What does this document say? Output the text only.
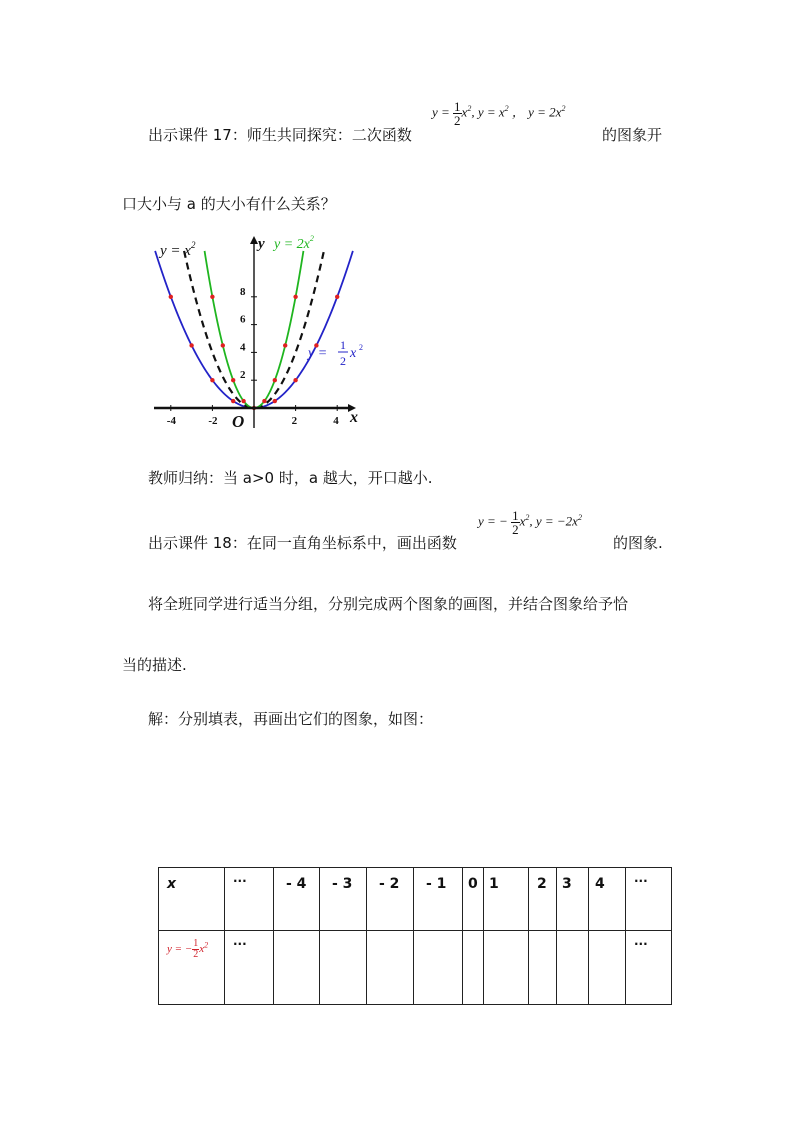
出示课件 17：师生共同探究：二次函数
$y = \frac{1}{2} x^2$, $y = x^2$ ， $y = 2x^2$
的图象开
口大小与 a 的大小有什么关系？
-4	-2	2	4
2
4
6
8
$y = x^2$	$y = 2x^2$
y =
1
2 x 2
x
y
O
教师归纳：当 a>0 时，a 越大，开口越小.
出示课件 18：在同一直角坐标系中，画出函数
y = − $\frac{1}{2} x^2$, $y = -2x^2$
的图象.
将全班同学进行适当分组，分别完成两个图象的画图，并结合图象给予恰
当的描述.
解：分别填表，再画出它们的图象，如图：
x	···	- 4	- 3	- 2	- 1	0	1	2	3	4	···

y = − $\frac{1}{2} x^2$	···										···
